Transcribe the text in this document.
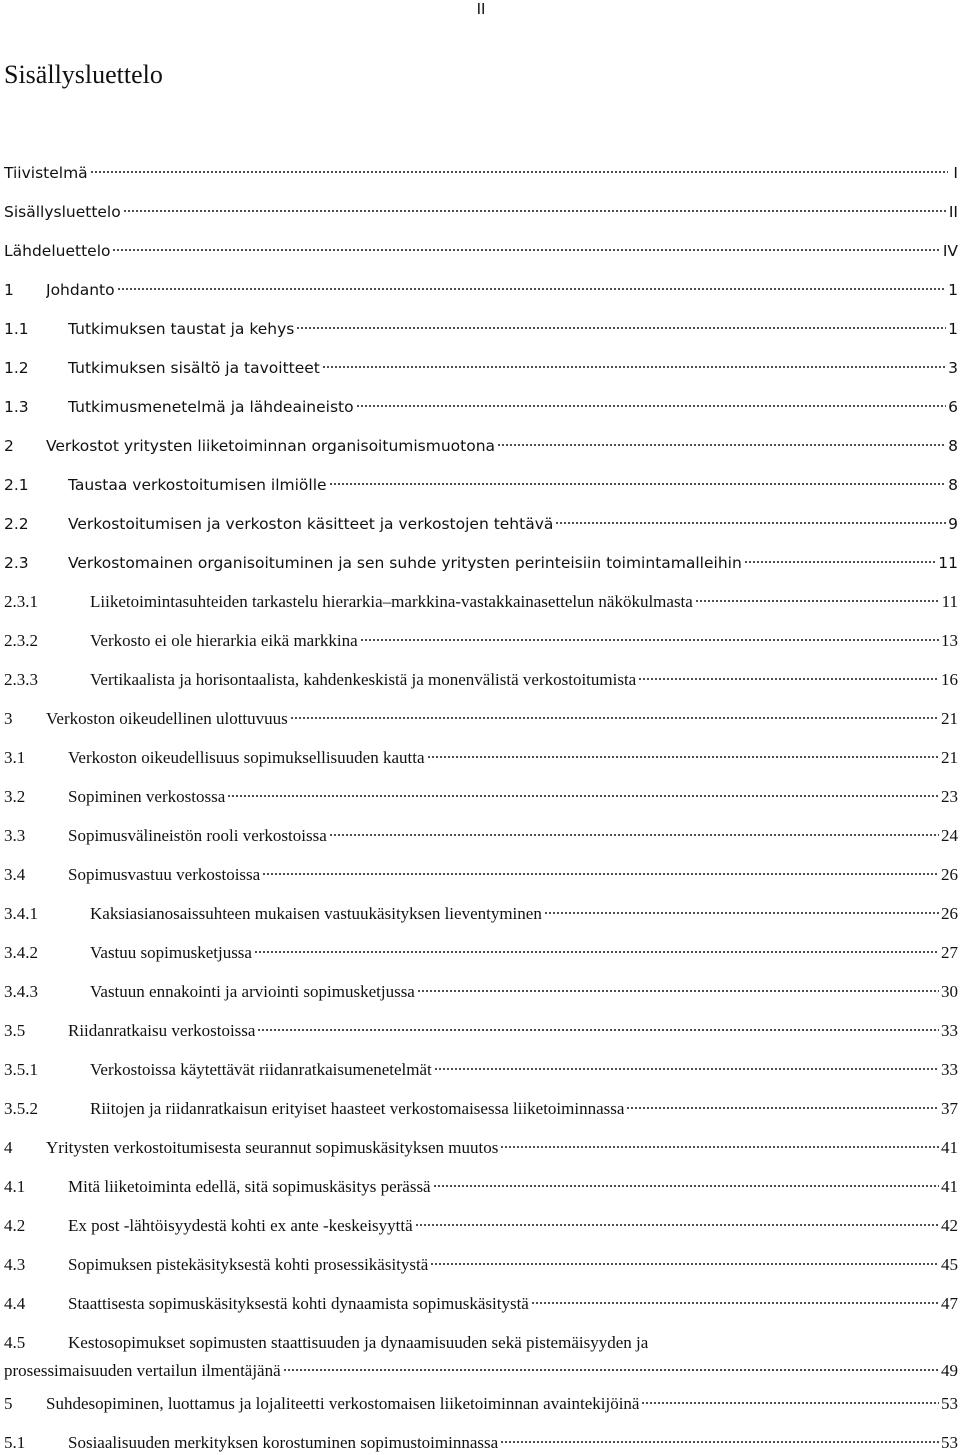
II
Sisällysluettelo
Tiivistelmä	I
Sisällysluettelo	II
Lähdeluettelo	IV
1	Johdanto	1
1.1	Tutkimuksen taustat ja kehys	1
1.2	Tutkimuksen sisältö ja tavoitteet	3
1.3	Tutkimusmenetelmä ja lähdeaineisto	6
2	Verkostot yritysten liiketoiminnan organisoitumismuotona	8
2.1	Taustaa verkostoitumisen ilmiölle	8
2.2	Verkostoitumisen ja verkoston käsitteet ja verkostojen tehtävä	9
2.3	Verkostomainen organisoituminen ja sen suhde yritysten perinteisiin toimintamalleihin	11
2.3.1	Liiketoimintasuhteiden tarkastelu hierarkia–markkina-vastakkainasettelun näkökulmasta	11
2.3.2	Verkosto ei ole hierarkia eikä markkina	13
2.3.3	Vertikaalista ja horisontaalista, kahdenkeskistä ja monenvälistä verkostoitumista	16
3	Verkoston oikeudellinen ulottuvuus	21
3.1	Verkoston oikeudellisuus sopimuksellisuuden kautta	21
3.2	Sopiminen verkostossa	23
3.3	Sopimusvälineistön rooli verkostoissa	24
3.4	Sopimusvastuu verkostoissa	26
3.4.1	Kaksiasianosaissuhteen mukaisen vastuukäsityksen lieventyminen	26
3.4.2	Vastuu sopimusketjussa	27
3.4.3	Vastuun ennakointi ja arviointi sopimusketjussa	30
3.5	Riidanratkaisu verkostoissa	33
3.5.1	Verkostoissa käytettävät riidanratkaisumenetelmät	33
3.5.2	Riitojen ja riidanratkaisun erityiset haasteet verkostomaisessa liiketoiminnassa	37
4	Yritysten verkostoitumisesta seurannut sopimuskäsityksen muutos	41
4.1	Mitä liiketoiminta edellä, sitä sopimuskäsitys perässä	41
4.2	Ex post -lähtöisyydestä kohti ex ante -keskeisyyttä	42
4.3	Sopimuksen pistekäsityksestä kohti prosessikäsitystä	45
4.4	Staattisesta sopimuskäsityksestä kohti dynaamista sopimuskäsitystä	47
4.5	Kestosopimukset sopimusten staattisuuden ja dynaamisuuden sekä pistemäisyyden ja
prosessimaisuuden vertailun ilmentäjänä	49
5	Suhdesopiminen, luottamus ja lojaliteetti verkostomaisen liiketoiminnan avaintekijöinä	53
5.1	Sosiaalisuuden merkityksen korostuminen sopimustoiminnassa	53
